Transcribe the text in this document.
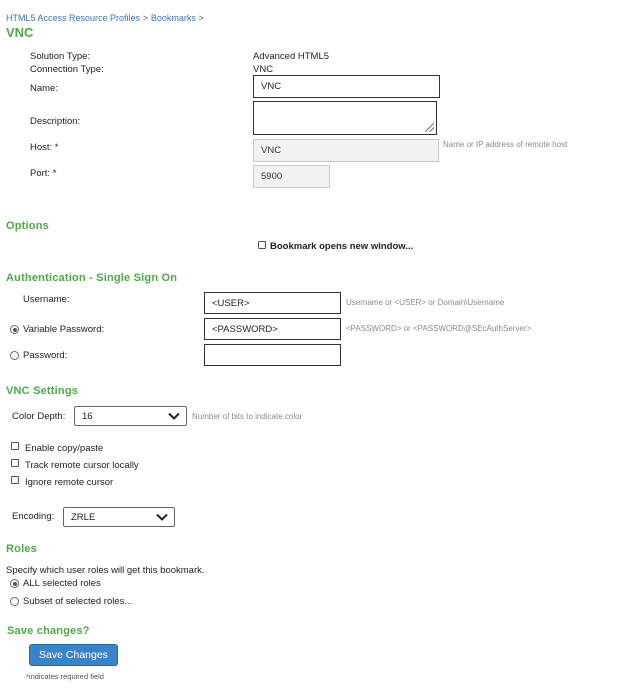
HTML5 Access Resource Profiles > Bookmarks >
VNC
Solution Type:	Advanced HTML5
Connection Type:	VNC
Name:	VNC
Description:
Host: *	VNC
Name or IP address of remote host
Port: *	5900
Options
Bookmark opens new window...
Authentication - Single Sign On
Username:	<USER>	Username or <USER> or Domain\Username
Variable Password:	<PASSWORD>	<PASSWORD> or <PASSWORD@SEcAuthServer>
Password:
VNC Settings
Color Depth: 16	Number of bits to indicate color
Enable copy/paste
Track remote cursor locally
Ignore remote cursor
Encoding: ZRLE
Roles
Specify which user roles will get this bookmark.
ALL selected roles
Subset of selected roles...
Save changes?
Save Changes
*indicates required field
